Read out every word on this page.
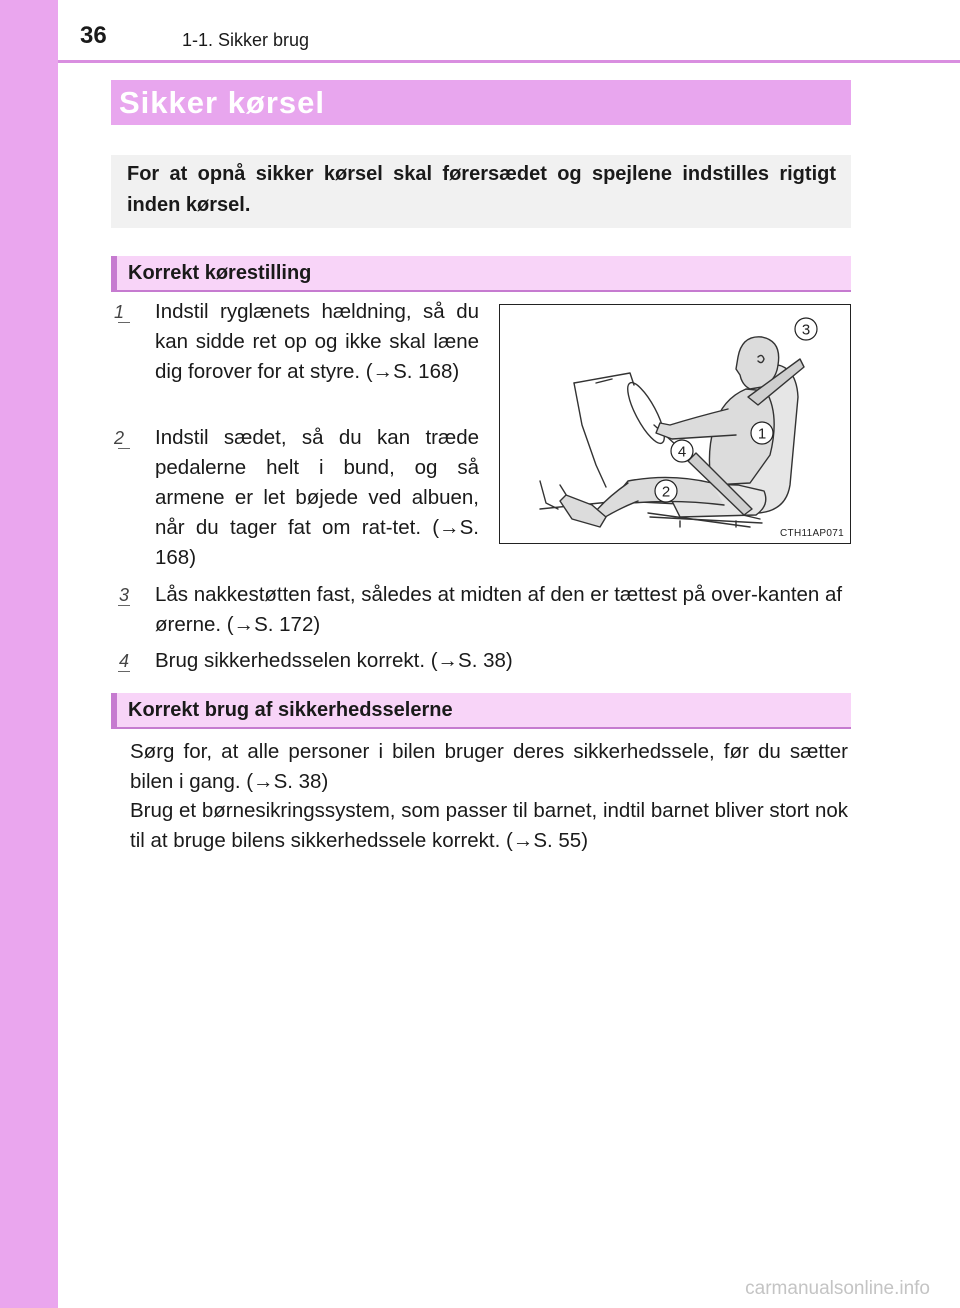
36	1-1. Sikker brug
Sikker kørsel

For at opnå sikker kørsel skal førersædet og spejlene indstilles rigtigt inden kørsel.

Korrekt kørestilling
1	Indstil ryglænets hældning, så du kan sidde ret op og ikke skal læne dig forover for at styre. (→S. 168)
2	Indstil sædet, så du kan træde pedalerne helt i bund, og så armene er let bøjede ved albuen, når du tager fat om rat-tet. (→S. 168)
3 Lås nakkestøtten fast, således at midten af den er tættest på over-kanten af ørerne. (→S. 172)
4 Brug sikkerhedsselen korrekt. (→S. 38)
3
1
4
2
CTH11AP071
Korrekt brug af sikkerhedsselerne

Sørg for, at alle personer i bilen bruger deres sikkerhedssele, før du sætter bilen i gang. (→S. 38)

Brug et børnesikringssystem, som passer til barnet, indtil barnet bliver stort nok til at bruge bilens sikkerhedssele korrekt. (→S. 55)

carmanualsonline.info
